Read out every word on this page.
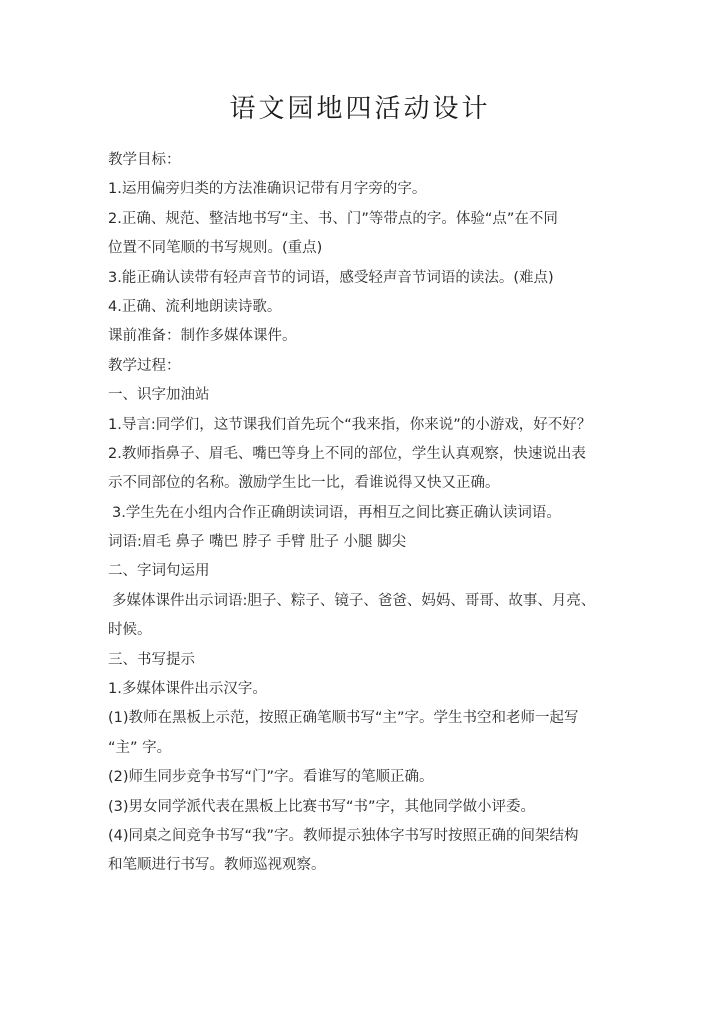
语文园地四活动设计

教学目标：

1.运用偏旁归类的方法准确识记带有月字旁的字。

2.正确、规范、整洁地书写“主、书、门”等带点的字。体验“点”在不同

位置不同笔顺的书写规则。(重点)

3.能正确认读带有轻声音节的词语，感受轻声音节词语的读法。(难点)

4.正确、流利地朗读诗歌。

课前准备：制作多媒体课件。

教学过程：

一、识字加油站

1.导言:同学们，这节课我们首先玩个“我来指，你来说”的小游戏，好不好？

2.教师指鼻子、眉毛、嘴巴等身上不同的部位，学生认真观察，快速说出表

示不同部位的名称。激励学生比一比，看谁说得又快又正确。

3.学生先在小组内合作正确朗读词语，再相互之间比赛正确认读词语。

词语:眉毛 鼻子 嘴巴 脖子 手臂 肚子 小腿 脚尖

二、字词句运用

多媒体课件出示词语:胆子、粽子、镜子、爸爸、妈妈、哥哥、故事、月亮、

时候。

三、书写提示

1.多媒体课件出示汉字。

(1)教师在黑板上示范，按照正确笔顺书写“主”字。学生书空和老师一起写

“主” 字。

(2)师生同步竞争书写“门”字。看谁写的笔顺正确。

(3)男女同学派代表在黑板上比赛书写“书”字，其他同学做小评委。

(4)同桌之间竞争书写“我”字。教师提示独体字书写时按照正确的间架结构

和笔顺进行书写。教师巡视观察。
